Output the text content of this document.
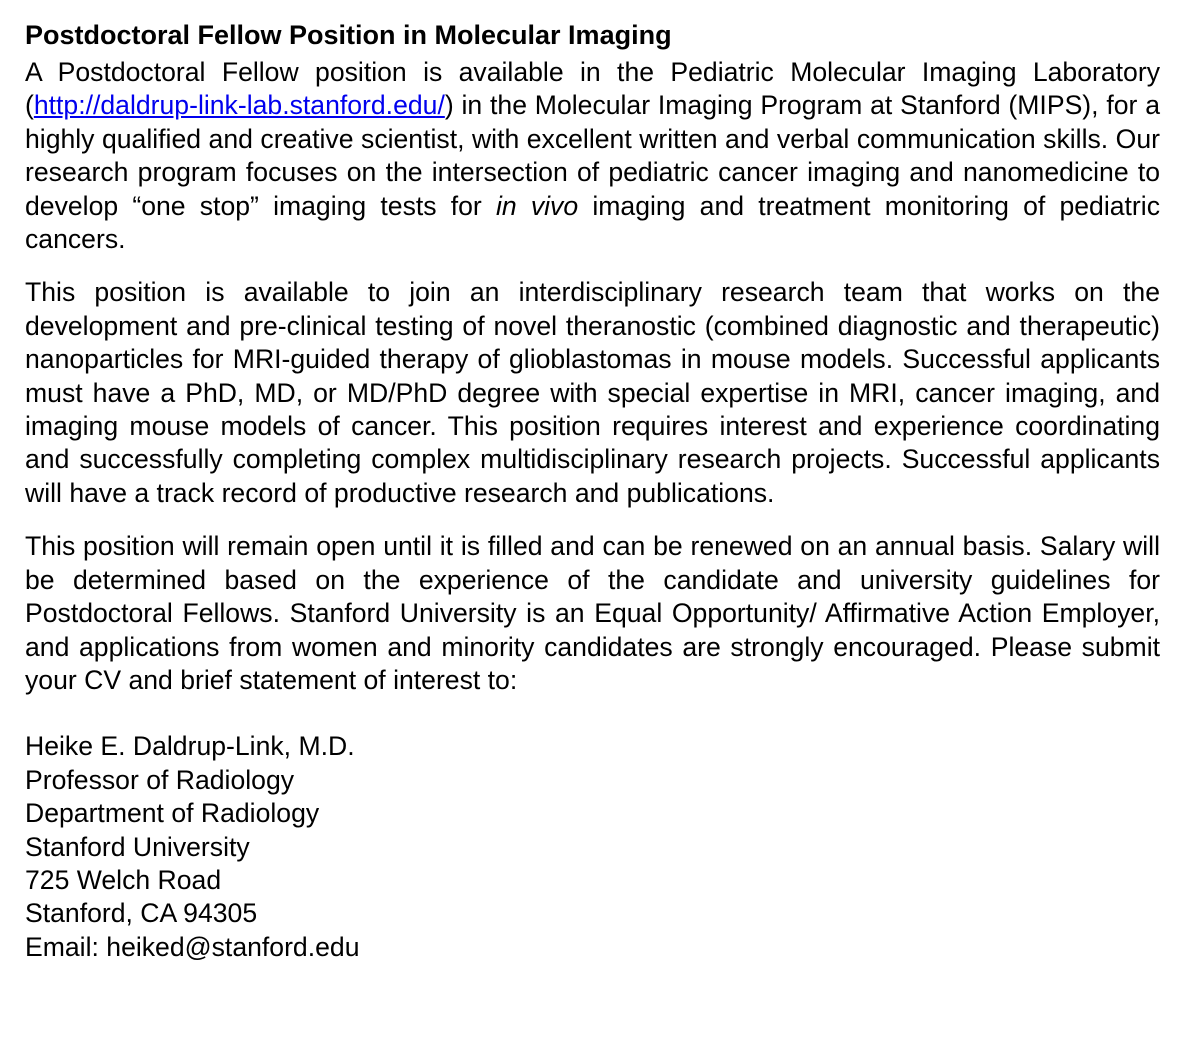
Postdoctoral Fellow Position in Molecular Imaging

A Postdoctoral Fellow position is available in the Pediatric Molecular Imaging Laboratory (http://daldrup-link-lab.stanford.edu/) in the Molecular Imaging Program at Stanford (MIPS), for a highly qualified and creative scientist, with excellent written and verbal communication skills. Our research program focuses on the intersection of pediatric cancer imaging and nanomedicine to develop “one stop” imaging tests for in vivo imaging and treatment monitoring of pediatric cancers.

This position is available to join an interdisciplinary research team that works on the development and pre-clinical testing of novel theranostic (combined diagnostic and therapeutic) nanoparticles for MRI-guided therapy of glioblastomas in mouse models. Successful applicants must have a PhD, MD, or MD/PhD degree with special expertise in MRI, cancer imaging, and imaging mouse models of cancer. This position requires interest and experience coordinating and successfully completing complex multidisciplinary research projects. Successful applicants will have a track record of productive research and publications.

This position will remain open until it is filled and can be renewed on an annual basis. Salary will be determined based on the experience of the candidate and university guidelines for Postdoctoral Fellows. Stanford University is an Equal Opportunity/ Affirmative Action Employer, and applications from women and minority candidates are strongly encouraged. Please submit your CV and brief statement of interest to:

Heike E. Daldrup-Link, M.D.
Professor of Radiology
Department of Radiology
Stanford University
725 Welch Road
Stanford, CA 94305
Email: heiked@stanford.edu
